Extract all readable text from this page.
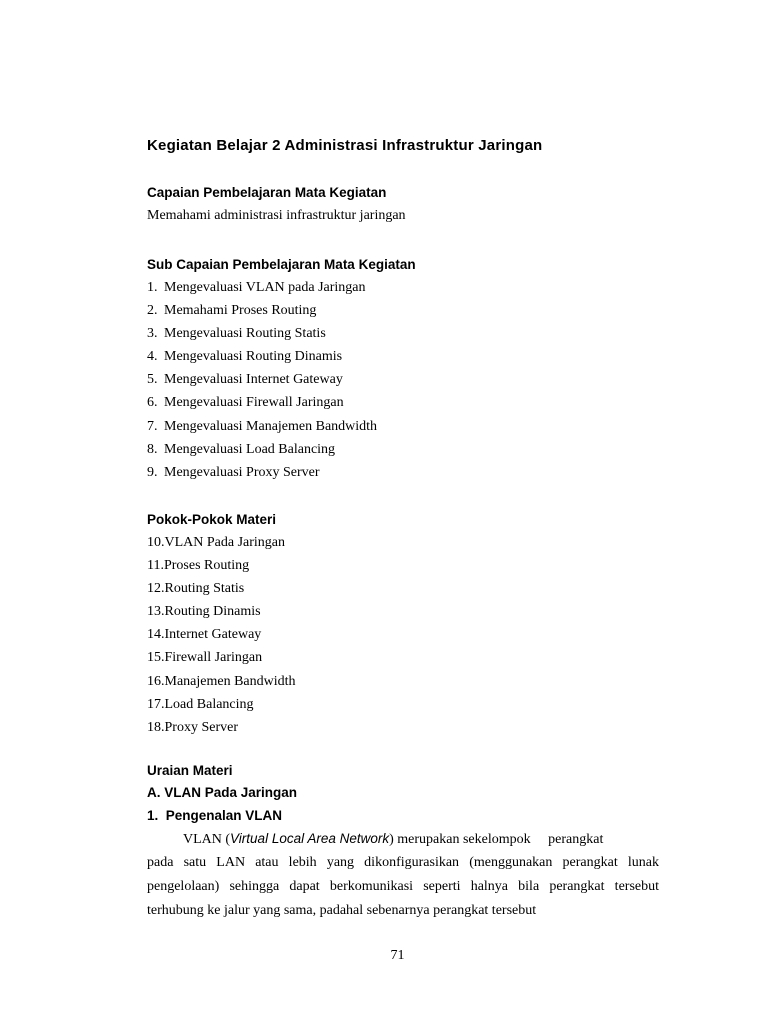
Kegiatan Belajar 2 Administrasi Infrastruktur Jaringan
Capaian Pembelajaran Mata Kegiatan
Memahami administrasi infrastruktur jaringan
Sub Capaian Pembelajaran Mata Kegiatan
1. Mengevaluasi VLAN pada Jaringan
2. Memahami Proses Routing
3. Mengevaluasi Routing Statis
4. Mengevaluasi Routing Dinamis
5. Mengevaluasi Internet Gateway
6. Mengevaluasi Firewall Jaringan
7. Mengevaluasi Manajemen Bandwidth
8. Mengevaluasi Load Balancing
9. Mengevaluasi Proxy Server
Pokok-Pokok Materi
10.VLAN Pada Jaringan
11.Proses Routing
12.Routing Statis
13.Routing Dinamis
14.Internet Gateway
15.Firewall Jaringan
16.Manajemen Bandwidth
17.Load Balancing
18.Proxy Server
Uraian Materi
A. VLAN Pada Jaringan
1.  Pengenalan VLAN
VLAN (Virtual Local Area Network) merupakan sekelompok     perangkat
pada satu LAN atau lebih yang dikonfigurasikan (menggunakan perangkat lunak
pengelolaan) sehingga dapat berkomunikasi seperti halnya bila perangkat tersebut
terhubung ke jalur yang sama, padahal sebenarnya perangkat tersebut
71
